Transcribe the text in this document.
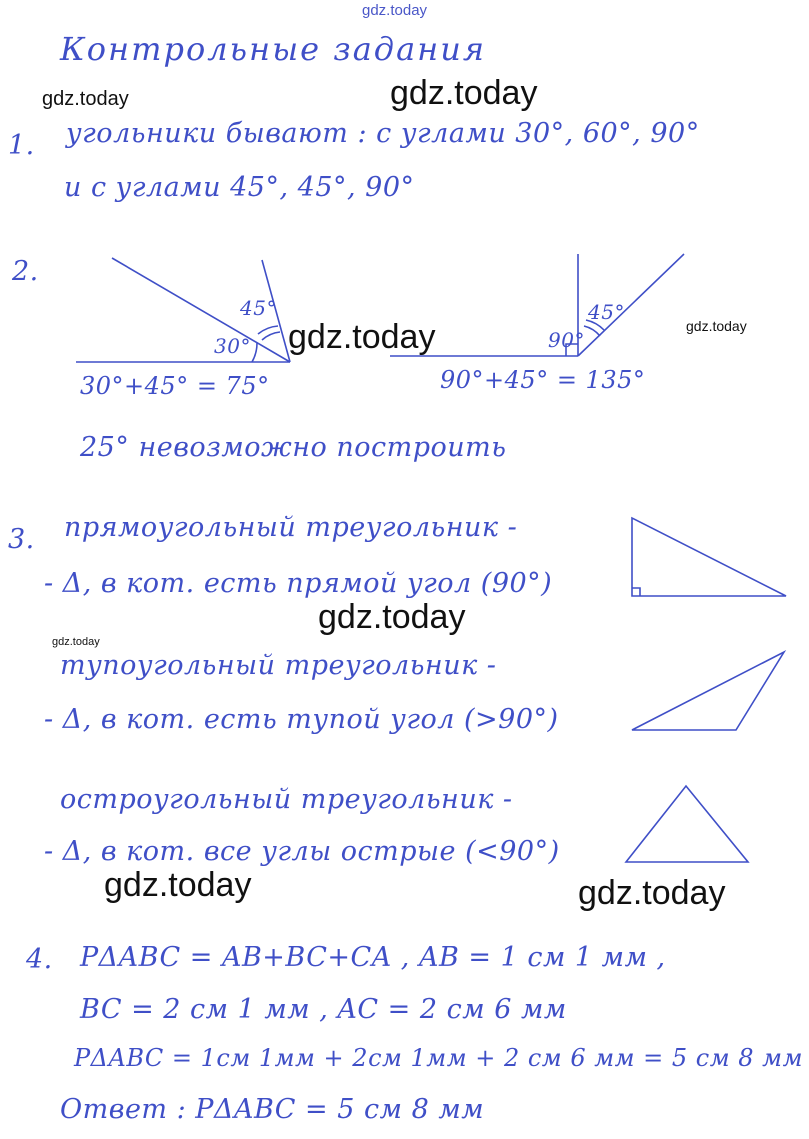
gdz.today
gdz.today	gdz.today
gdz.today	gdz.today
gdz.today
gdz.today
gdz.today	gdz.today
Контрольные задания
1. угольники бывают : с углами 30°, 60°, 90°
и с углами 45°, 45°, 90°
2.
45°
30°
30°+45° = 75°
90°
45°
90°+45° = 135°
25° невозможно построить
3. прямоугольный треугольник -
- Δ, в кот. есть прямой угол (90°)
тупоугольный треугольник -
- Δ, в кот. есть тупой угол (>90°)
остроугольный треугольник -
- Δ, в кот. все углы острые (<90°)
4. PΔABC = AB+BC+CA , AB = 1 см 1 мм ,
BC = 2 см 1 мм , AC = 2 см 6 мм
PΔABC = 1см 1мм + 2см 1мм + 2 см 6 мм = 5 см 8 мм
Ответ : PΔABC = 5 см 8 мм
